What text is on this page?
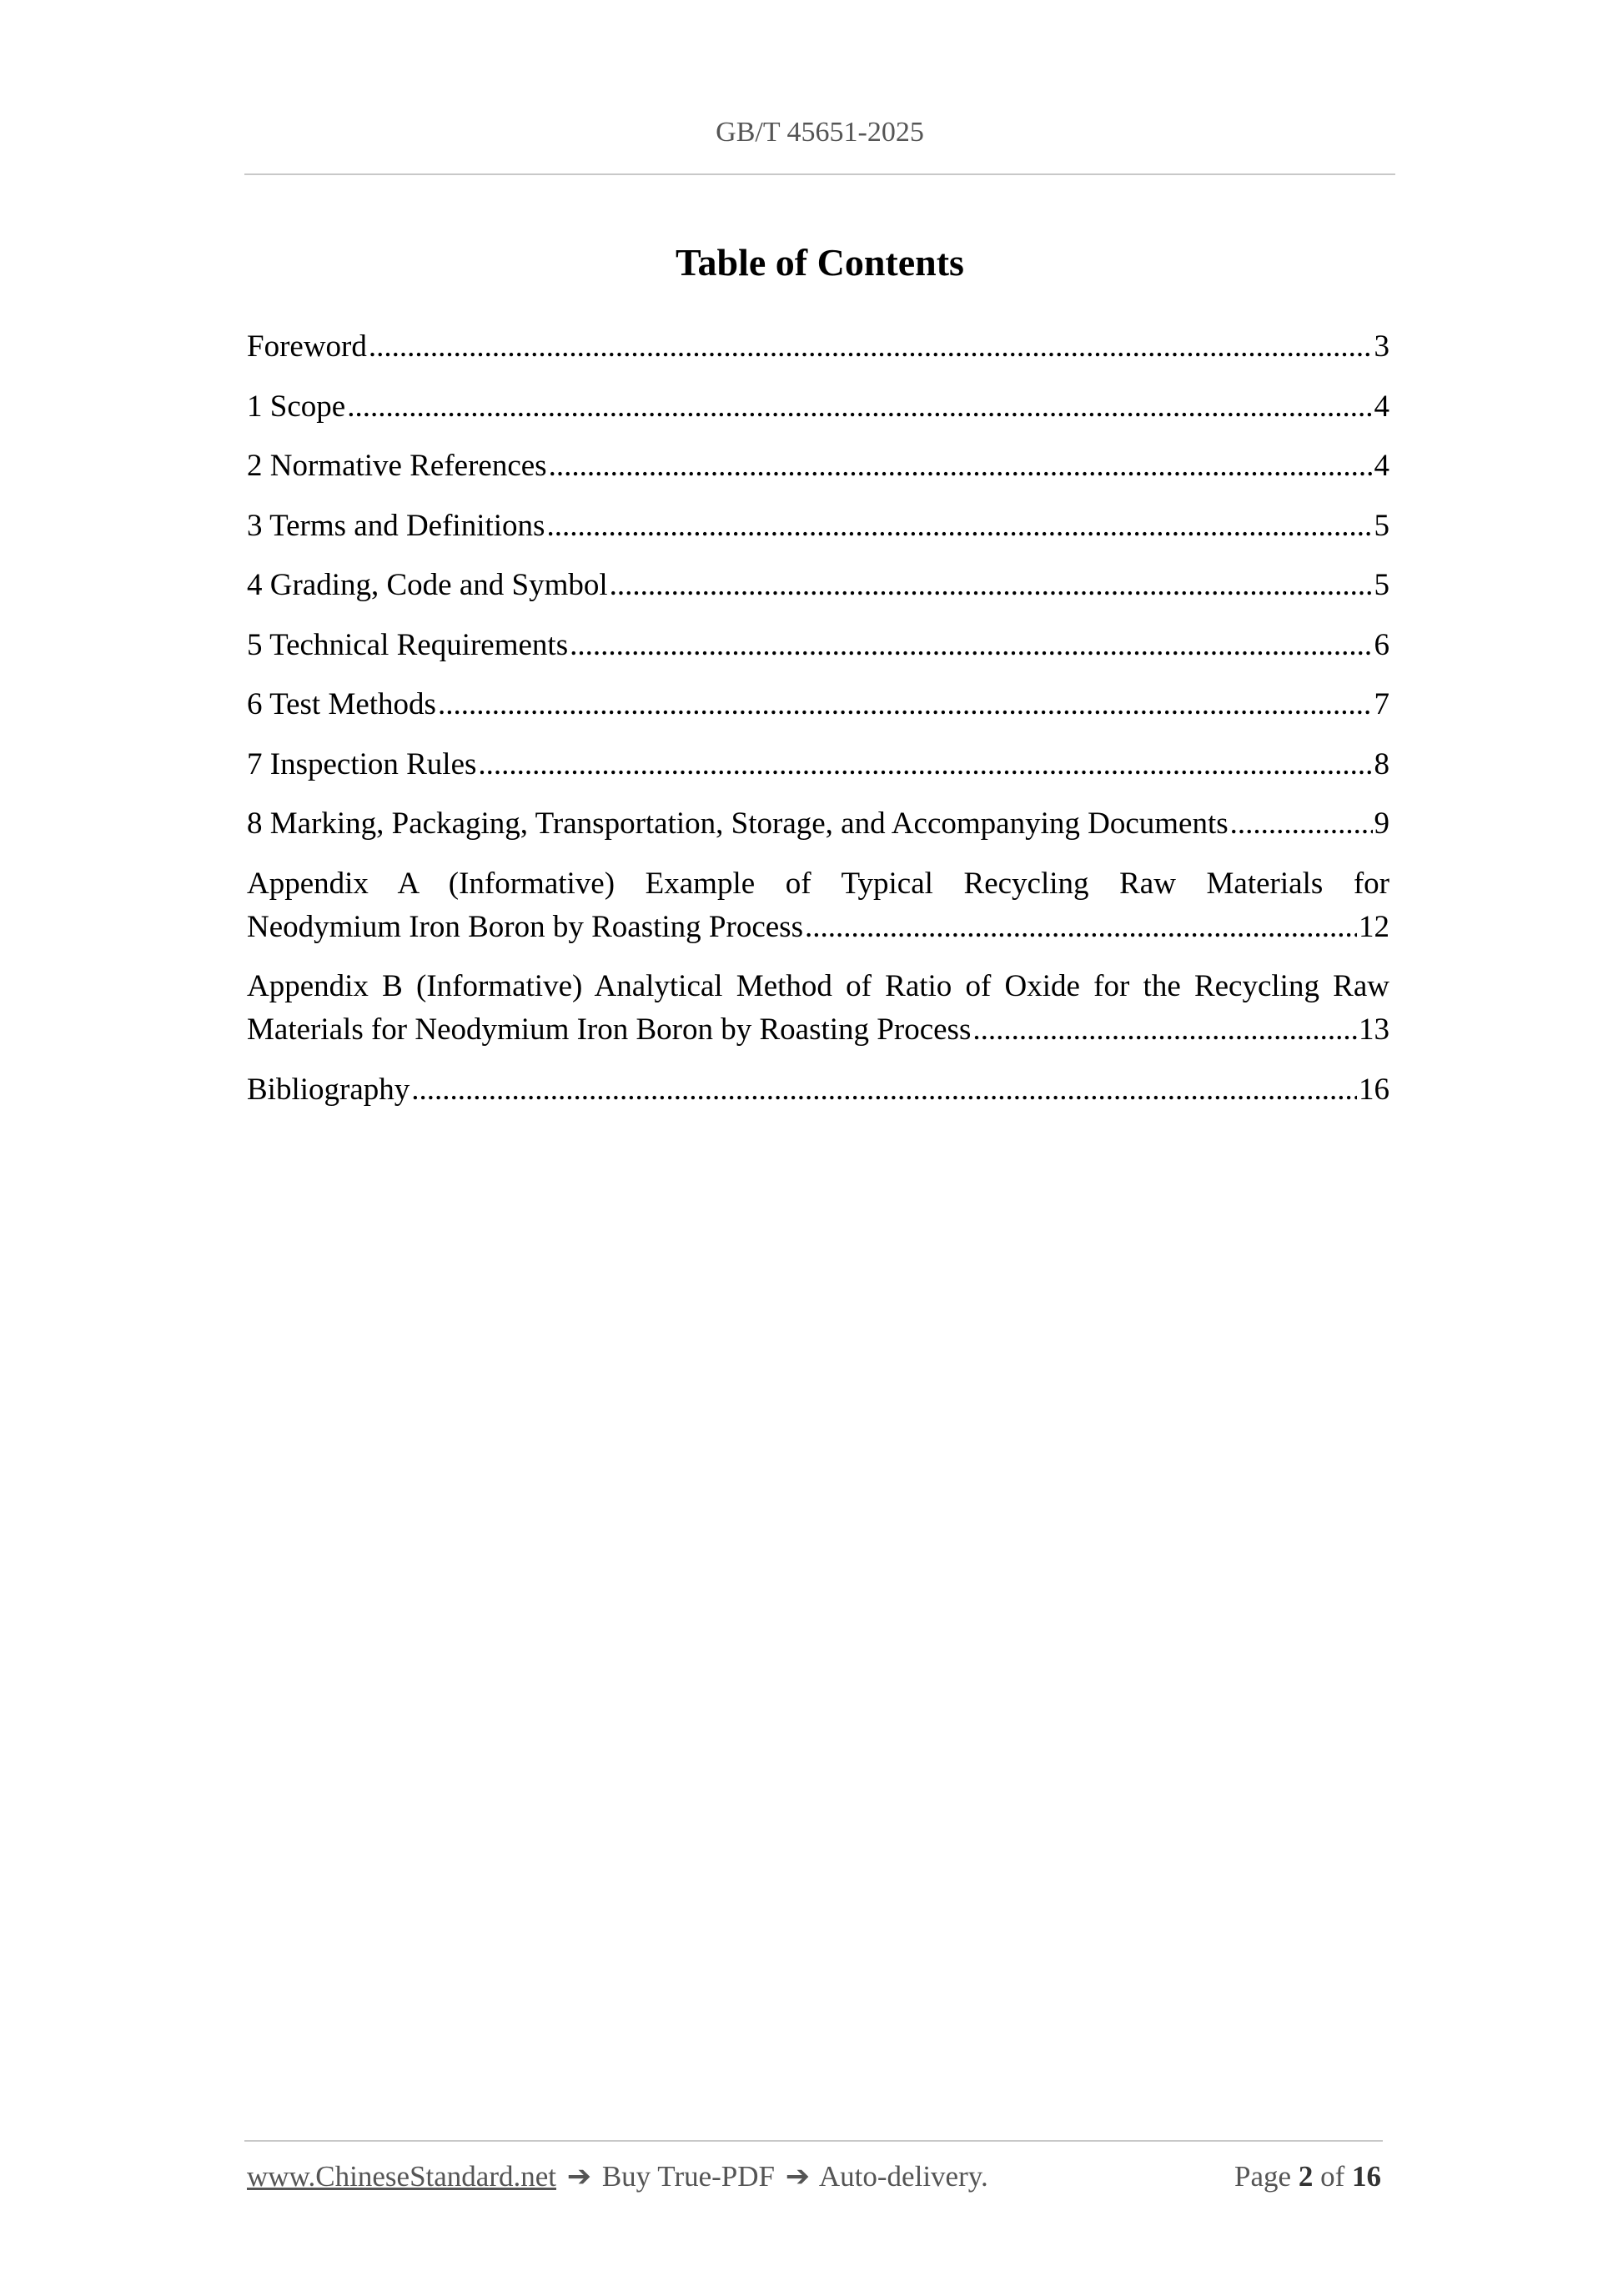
GB/T 45651-2025
Table of Contents
Foreword .....	3
1 Scope .....	4
2 Normative References .....	4
3 Terms and Definitions .....	5
4 Grading, Code and Symbol .....	5
5 Technical Requirements .....	6
6 Test Methods .....	7
7 Inspection Rules .....	8
8 Marking, Packaging, Transportation, Storage, and Accompanying Documents .....	9
Appendix A (Informative) Example of Typical Recycling Raw Materials for
Neodymium Iron Boron by Roasting Process .....	12
Appendix B (Informative) Analytical Method of Ratio of Oxide for the Recycling Raw
Materials for Neodymium Iron Boron by Roasting Process .....	13
Bibliography .....	16
www.ChineseStandard.net ➔ Buy True-PDF ➔ Auto-delivery.	Page 2 of 16
